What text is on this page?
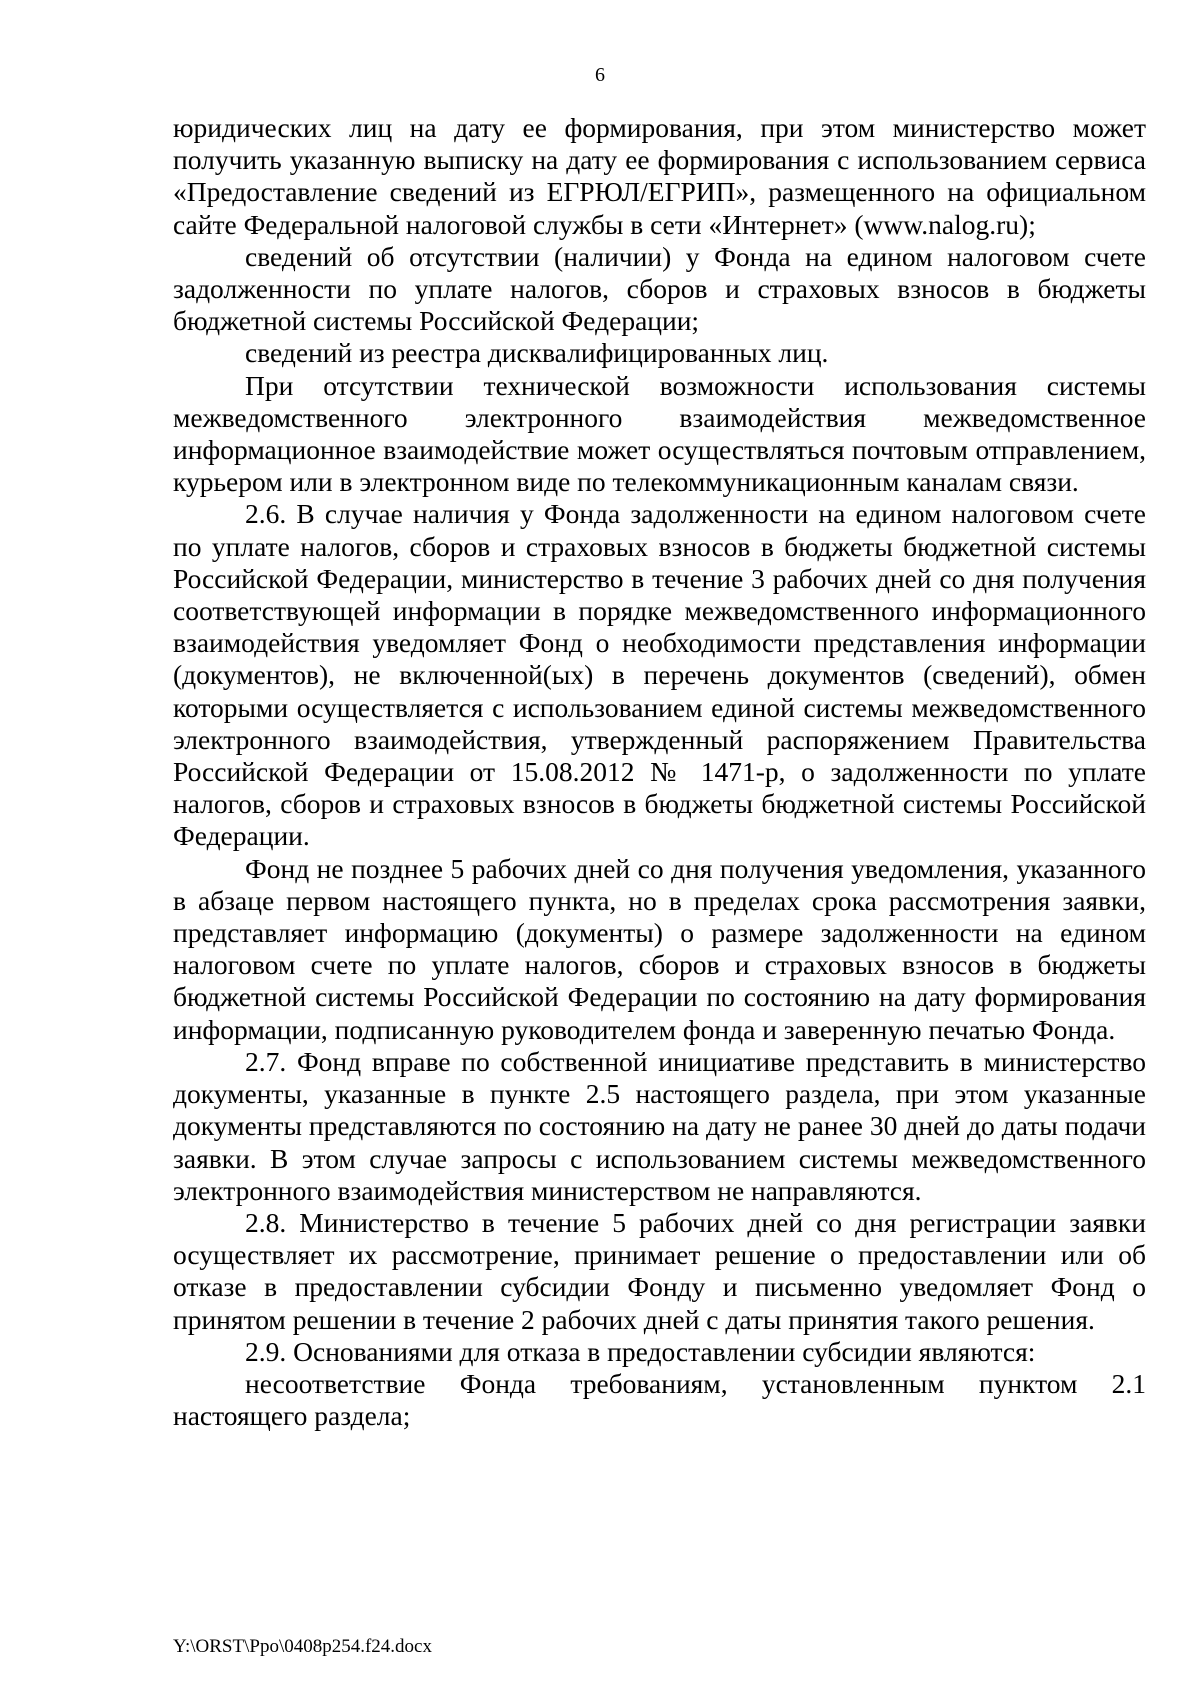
6

юридических лиц на дату ее формирования, при этом министерство может получить указанную выписку на дату ее формирования с использованием сервиса «Предоставление сведений из ЕГРЮЛ/ЕГРИП», размещенного на официальном сайте Федеральной налоговой службы в сети «Интернет» (www.nalog.ru);

сведений об отсутствии (наличии) у Фонда на едином налоговом счете задолженности по уплате налогов, сборов и страховых взносов в бюджеты бюджетной системы Российской Федерации;

сведений из реестра дисквалифицированных лиц.

При отсутствии технической возможности использования системы межведомственного электронного взаимодействия межведомственное информационное взаимодействие может осуществляться почтовым отправлением, курьером или в электронном виде по телекоммуникационным каналам связи.

2.6. В случае наличия у Фонда задолженности на едином налоговом счете по уплате налогов, сборов и страховых взносов в бюджеты бюджетной системы Российской Федерации, министерство в течение 3 рабочих дней со дня получения соответствующей информации в порядке межведомственного информационного взаимодействия уведомляет Фонд о необходимости представления информации (документов), не включенной(ых) в перечень документов (сведений), обмен которыми осуществляется с использованием единой системы межведомственного электронного взаимодействия, утвержденный распоряжением Правительства Российской Федерации от 15.08.2012 № 1471-р, о задолженности по уплате налогов, сборов и страховых взносов в бюджеты бюджетной системы Российской Федерации.

Фонд не позднее 5 рабочих дней со дня получения уведомления, указанного в абзаце первом настоящего пункта, но в пределах срока рассмотрения заявки, представляет информацию (документы) о размере задолженности на едином налоговом счете по уплате налогов, сборов и страховых взносов в бюджеты бюджетной системы Российской Федерации по состоянию на дату формирования информации, подписанную руководителем фонда и заверенную печатью Фонда.

2.7. Фонд вправе по собственной инициативе представить в министерство документы, указанные в пункте 2.5 настоящего раздела, при этом указанные документы представляются по состоянию на дату не ранее 30 дней до даты подачи заявки. В этом случае запросы с использованием системы межведомственного электронного взаимодействия министерством не направляются.

2.8. Министерство в течение 5 рабочих дней со дня регистрации заявки осуществляет их рассмотрение, принимает решение о предоставлении или об отказе в предоставлении субсидии Фонду и письменно уведомляет Фонд о принятом решении в течение 2 рабочих дней с даты принятия такого решения.

2.9. Основаниями для отказа в предоставлении субсидии являются:

несоответствие Фонда требованиям, установленным пунктом 2.1 настоящего раздела;

Y:\ORST\Ppo\0408p254.f24.docx
